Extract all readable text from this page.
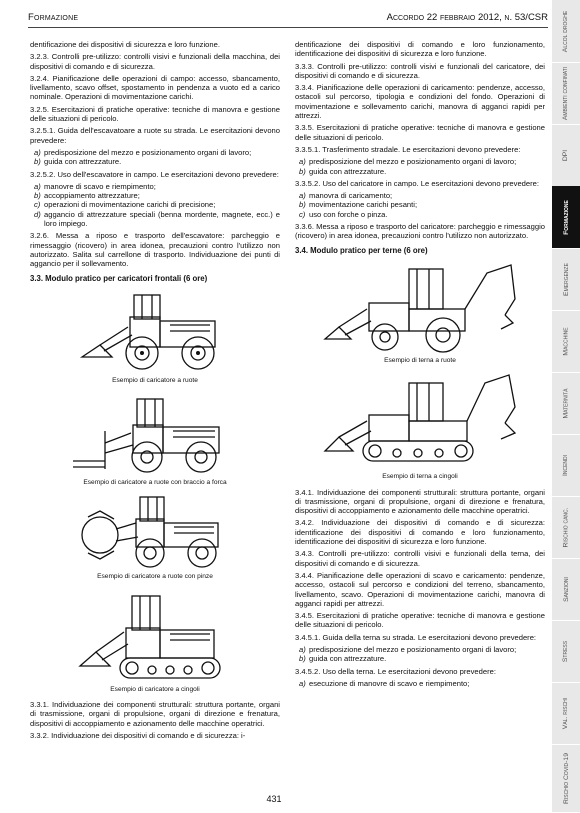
Formazione	Accordo 22 febbraio 2012, n. 53/CSR

dentificazione dei dispositivi di sicurezza e loro funzione.

3.2.3. Controlli pre-utilizzo: controlli visivi e funzionali della macchina, dei dispositivi di comando e di sicurezza.

3.2.4. Pianificazione delle operazioni di campo: accesso, sbancamento, livellamento, scavo offset, spostamento in pendenza a vuoto ed a carico nominale. Operazioni di movimentazione carichi.

3.2.5. Esercitazioni di pratiche operative: tecniche di manovra e gestione delle situazioni di pericolo.

3.2.5.1. Guida dell'escavatoare a ruote su strada. Le esercitazioni devono prevedere:

a) predisposizione del mezzo e posizionamento organi di lavoro;
b) guida con attrezzature.

3.2.5.2. Uso dell'escavatore in campo. Le esercitazioni devono prevedere:

a) manovre di scavo e riempimento;
b) accoppiamento attrezzature;
c) operazioni di movimentazione carichi di precisione;
d) aggancio di attrezzature speciali (benna mordente, magnete, ecc.) e loro impiego.

3.2.6. Messa a riposo e trasporto dell'escavatore: parcheggio e rimessaggio (ricovero) in area idonea, precauzioni contro l'utilizzo non autorizzato. Salita sul carrellone di trasporto. Individuazione dei punti di aggancio per il sollevamento.

3.3. Modulo pratico per caricatori frontali (6 ore)
Esempio di caricatore a ruote
Esempio di caricatore a ruote con braccio a forca
Esempio di caricatore a ruote con pinze
Esempio di caricatore a cingoli

3.3.1. Individuazione dei componenti strutturali: struttura portante, organi di trasmissione, organi di propulsione, organi di direzione e frenatura, dispositivi di accoppiamento e azionamento delle macchine operatrici.

3.3.2. Individuazione dei dispositivi di comando e di sicurezza: i-

dentificazione dei dispositivi di comando e loro funzionamento, identificazione dei dispositivi di sicurezza e loro funzione.

3.3.3. Controlli pre-utilizzo: controlli visivi e funzionali del caricatore, dei dispositivi di comando e di sicurezza.

3.3.4. Pianificazione delle operazioni di caricamento: pendenze, accesso, ostacoli sul percorso, tipologia e condizioni del fondo. Operazioni di movimentazione e sollevamento carichi, manovra di agganci rapidi per attrezzi.

3.3.5. Esercitazioni di pratiche operative: tecniche di manovra e gestione delle situazioni di pericolo.

3.3.5.1. Trasferimento stradale. Le esercitazioni devono prevedere:

a) predisposizione del mezzo e posizionamento organi di lavoro;
b) guida con attrezzature.

3.3.5.2. Uso del caricatore in campo. Le esercitazioni devono prevedere:

a) manovra di caricamento;
b) movimentazione carichi pesanti;
c) uso con forche o pinza.

3.3.6. Messa a riposo e trasporto del caricatore: parcheggio e rimessaggio (ricovero) in area idonea, precauzioni contro l'utilizzo non autorizzato.

3.4. Modulo pratico per terne (6 ore)
Esempio di terna a ruote
Esempio di terna a cingoli

3.4.1. Individuazione dei componenti strutturali: struttura portante, organi di trasmissione, organi di propulsione, organi di direzione e frenatura, dispositivi di accoppiamento e azionamento delle macchine operatrici.

3.4.2. Individuazione dei dispositivi di comando e di sicurezza: identificazione dei dispositivi di comando e loro funzionamento, identificazione dei dispositivi di sicurezza e loro funzione.

3.4.3. Controlli pre-utilizzo: controlli visivi e funzionali della terna, dei dispositivi di comando e di sicurezza.

3.4.4. Pianificazione delle operazioni di scavo e caricamento: pendenze, accesso, ostacoli sul percorso e condizioni del terreno, sbancamento, livellamento, scavo. Operazioni di movimentazione carichi, manovra di agganci rapidi per attrezzi.

3.4.5. Esercitazioni di pratiche operative: tecniche di manovra e gestione delle situazioni di pericolo.

3.4.5.1. Guida della terna su strada. Le esercitazioni devono prevedere:

a) predisposizione del mezzo e posizionamento organi di lavoro;
b) guida con attrezzature.

3.4.5.2. Uso della terna. Le esercitazioni devono prevedere:

a) esecuzione di manovre di scavo e riempimento;
431
Alcol droghe
Ambienti confinati
DPI
Formazione
Emergenze
Macchine
Maternità
Incendi
Rischio canc.
Sanzioni
Stress
Val. rischi
Rischio Covid-19
